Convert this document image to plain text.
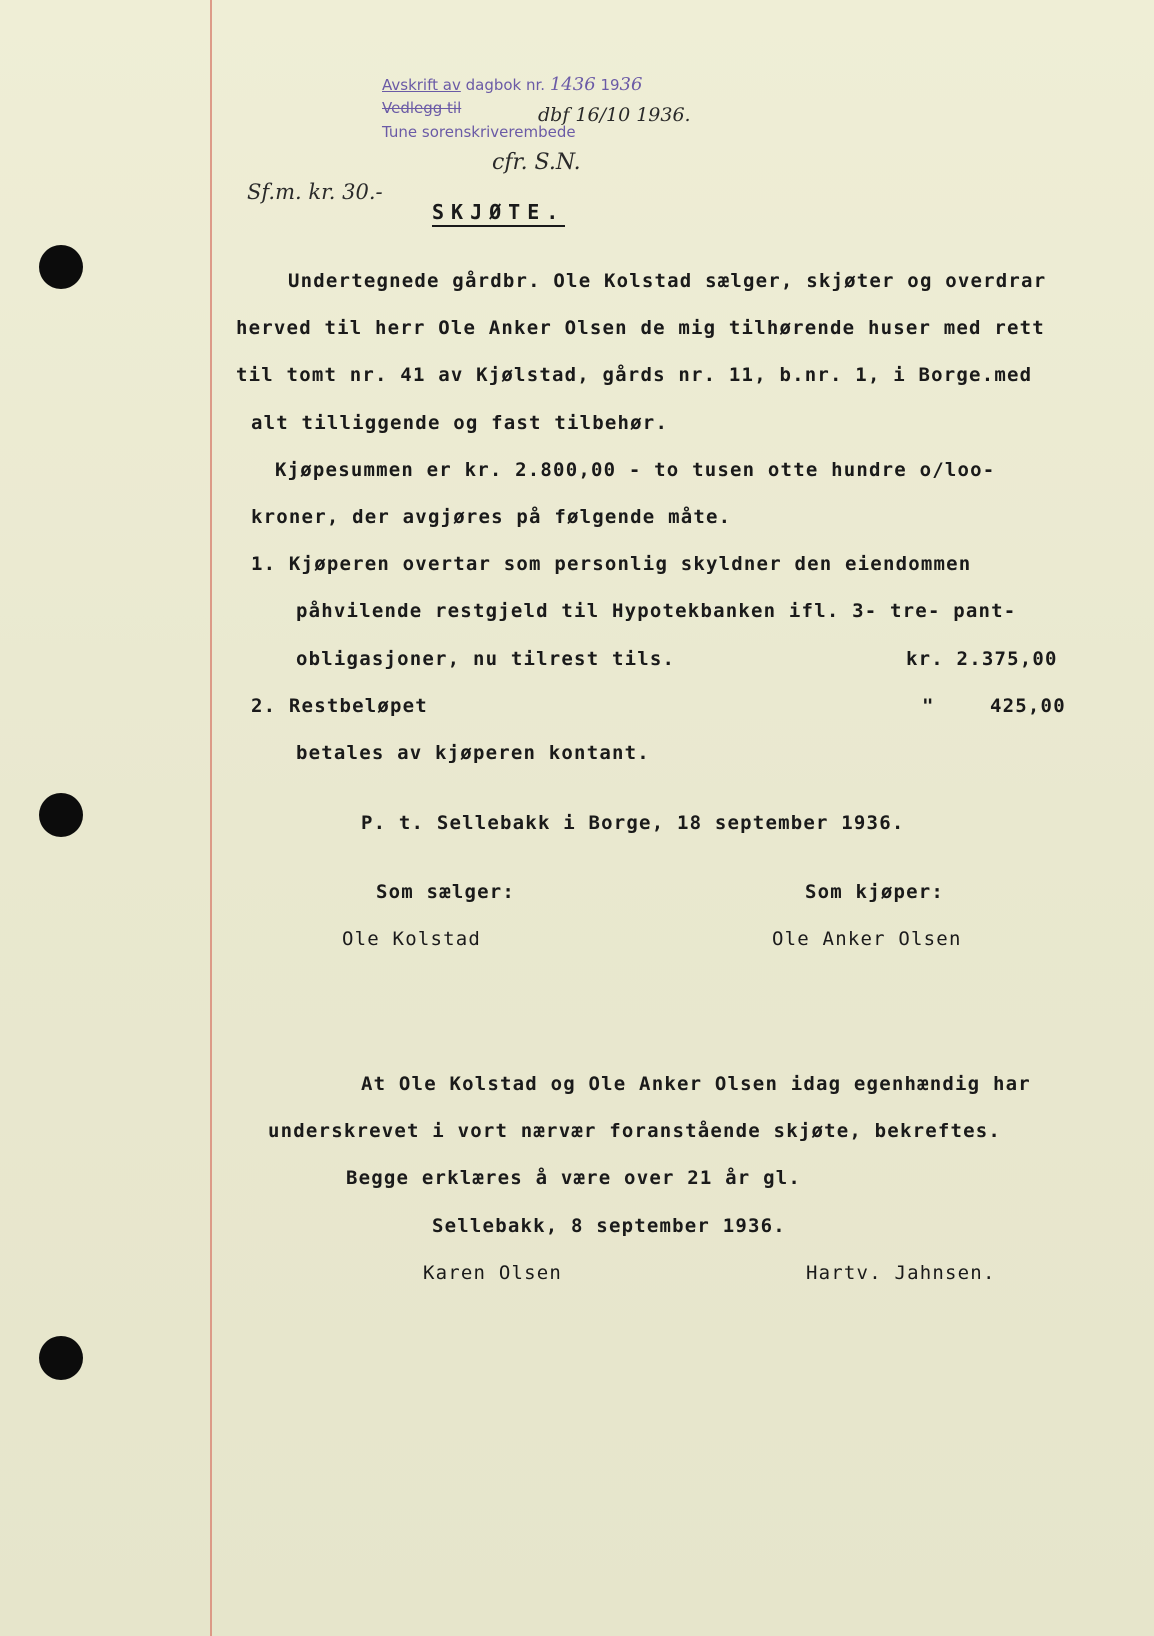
Avskrift av dagbok nr. 1436 1936
Vedlegg til	dbf 16/10 1936.
Tune sorenskriverembede
cfr. S.N.
Sf.m. kr. 30.-
SKJØTE.
Undertegnede gårdbr. Ole Kolstad sælger, skjøter og overdrar
herved til herr Ole Anker Olsen de mig tilhørende huser med rett
til tomt nr. 41 av Kjølstad, gårds nr. 11, b.nr. 1, i Borge.med
alt tilliggende og fast tilbehør.
Kjøpesummen er kr. 2.800,00 - to tusen otte hundre o/loo-
kroner, der avgjøres på følgende måte.
1. Kjøperen overtar som personlig skyldner den eiendommen
påhvilende restgjeld til Hypotekbanken ifl. 3- tre- pant-
obligasjoner, nu tilrest tils.	kr. 2.375,00
2. Restbeløpet	"	425,00
betales av kjøperen kontant.
P. t. Sellebakk i Borge, 18 september 1936.
Som sælger:	Som kjøper:
Ole Kolstad	Ole Anker Olsen
At Ole Kolstad og Ole Anker Olsen idag egenhændig har
underskrevet i vort nærvær foranstående skjøte, bekreftes.
Begge erklæres å være over 21 år gl.
Sellebakk, 8 september 1936.
Karen Olsen	Hartv. Jahnsen.
